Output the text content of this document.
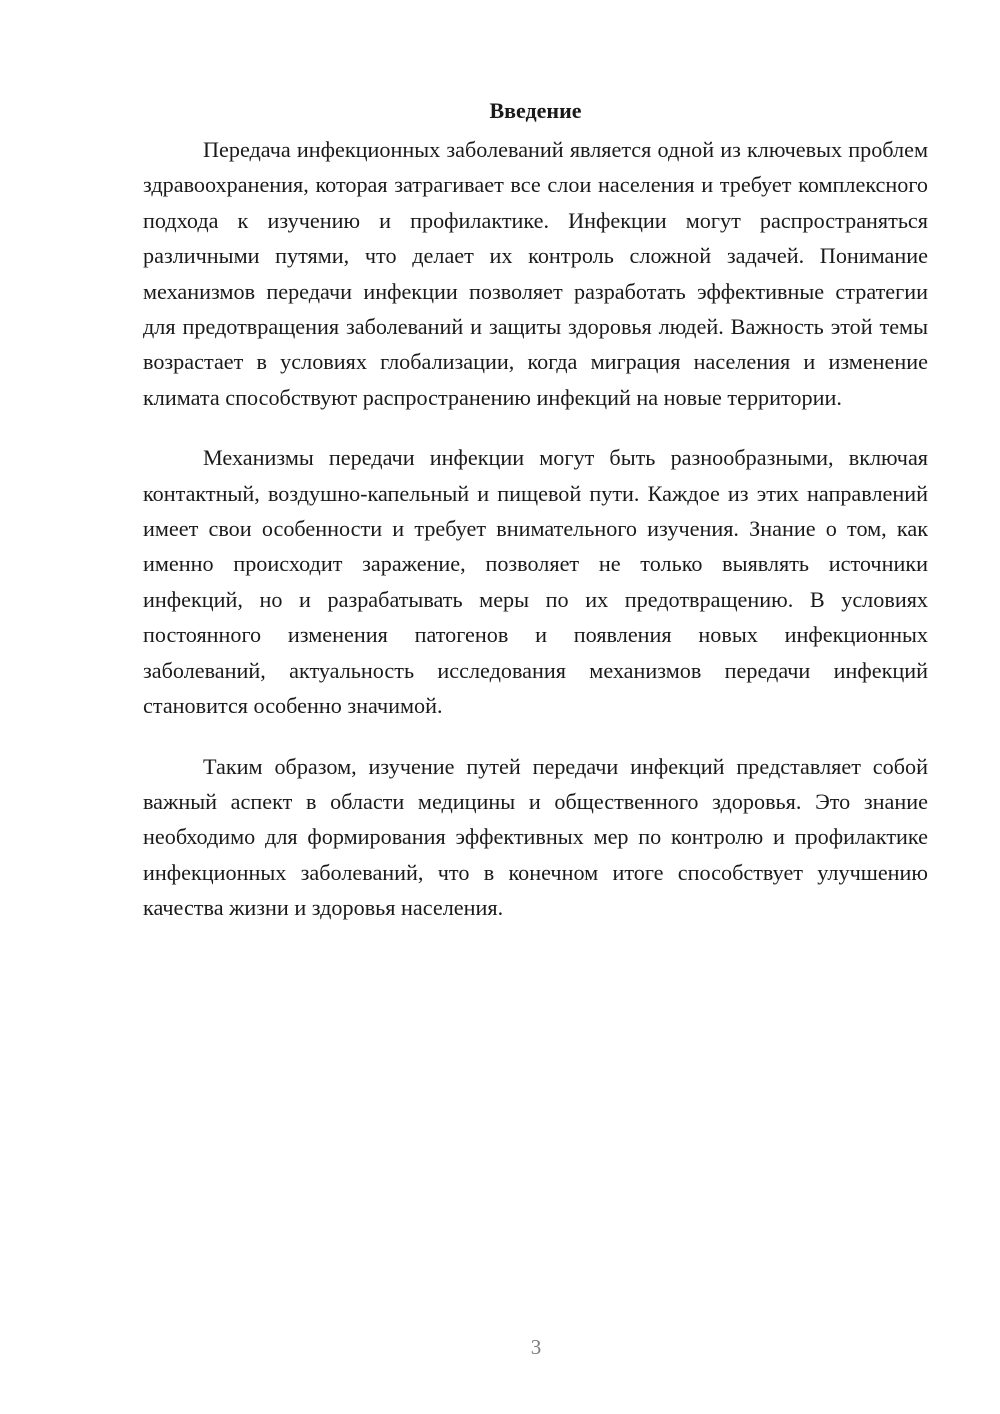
Введение

Передача инфекционных заболеваний является одной из ключевых проблем здравоохранения, которая затрагивает все слои населения и требует комплексного подхода к изучению и профилактике. Инфекции могут распространяться различными путями, что делает их контроль сложной задачей. Понимание механизмов передачи инфекции позволяет разработать эффективные стратегии для предотвращения заболеваний и защиты здоровья людей. Важность этой темы возрастает в условиях глобализации, когда миграция населения и изменение климата способствуют распространению инфекций на новые территории.

Механизмы передачи инфекции могут быть разнообразными, включая контактный, воздушно-капельный и пищевой пути. Каждое из этих направлений имеет свои особенности и требует внимательного изучения. Знание о том, как именно происходит заражение, позволяет не только выявлять источники инфекций, но и разрабатывать меры по их предотвращению. В условиях постоянного изменения патогенов и появления новых инфекционных заболеваний, актуальность исследования механизмов передачи инфекций становится особенно значимой.

Таким образом, изучение путей передачи инфекций представляет собой важный аспект в области медицины и общественного здоровья. Это знание необходимо для формирования эффективных мер по контролю и профилактике инфекционных заболеваний, что в конечном итоге способствует улучшению качества жизни и здоровья населения.

3
